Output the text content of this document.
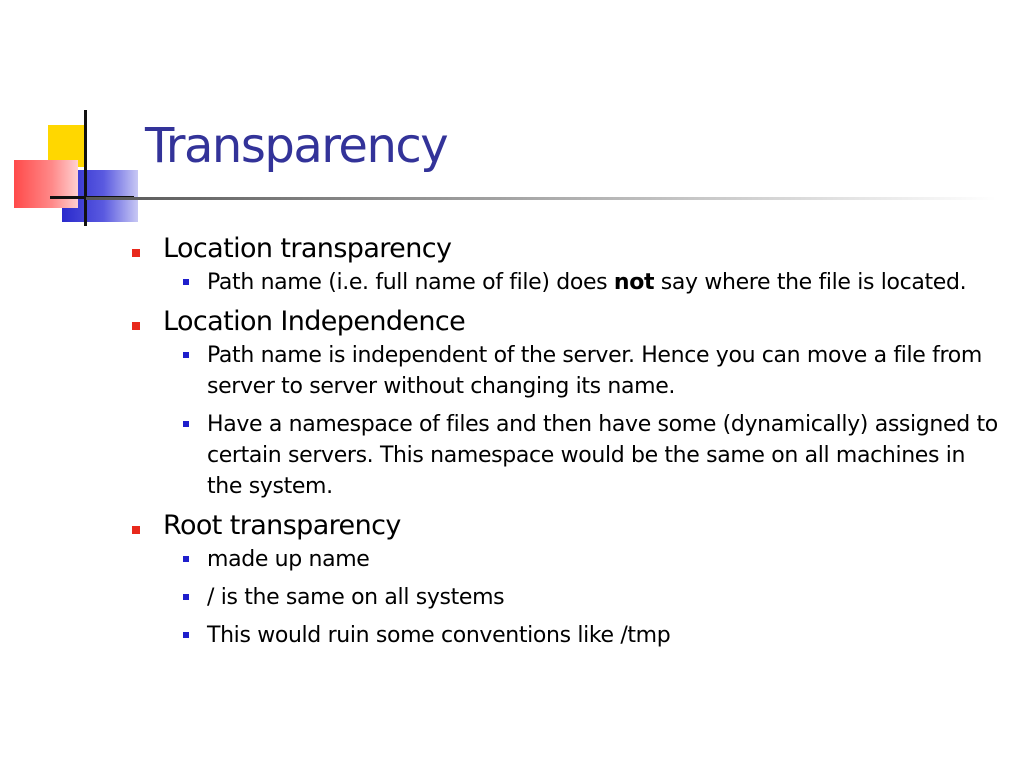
Transparency
Location transparency
Path name (i.e. full name of file) does not say where the file is located.
Location Independence
Path name is independent of the server. Hence you can move a file from server to server without changing its name.
Have a namespace of files and then have some (dynamically) assigned to certain servers. This namespace would be the same on all machines in the system.
Root transparency
made up name
/ is the same on all systems
This would ruin some conventions like /tmp
